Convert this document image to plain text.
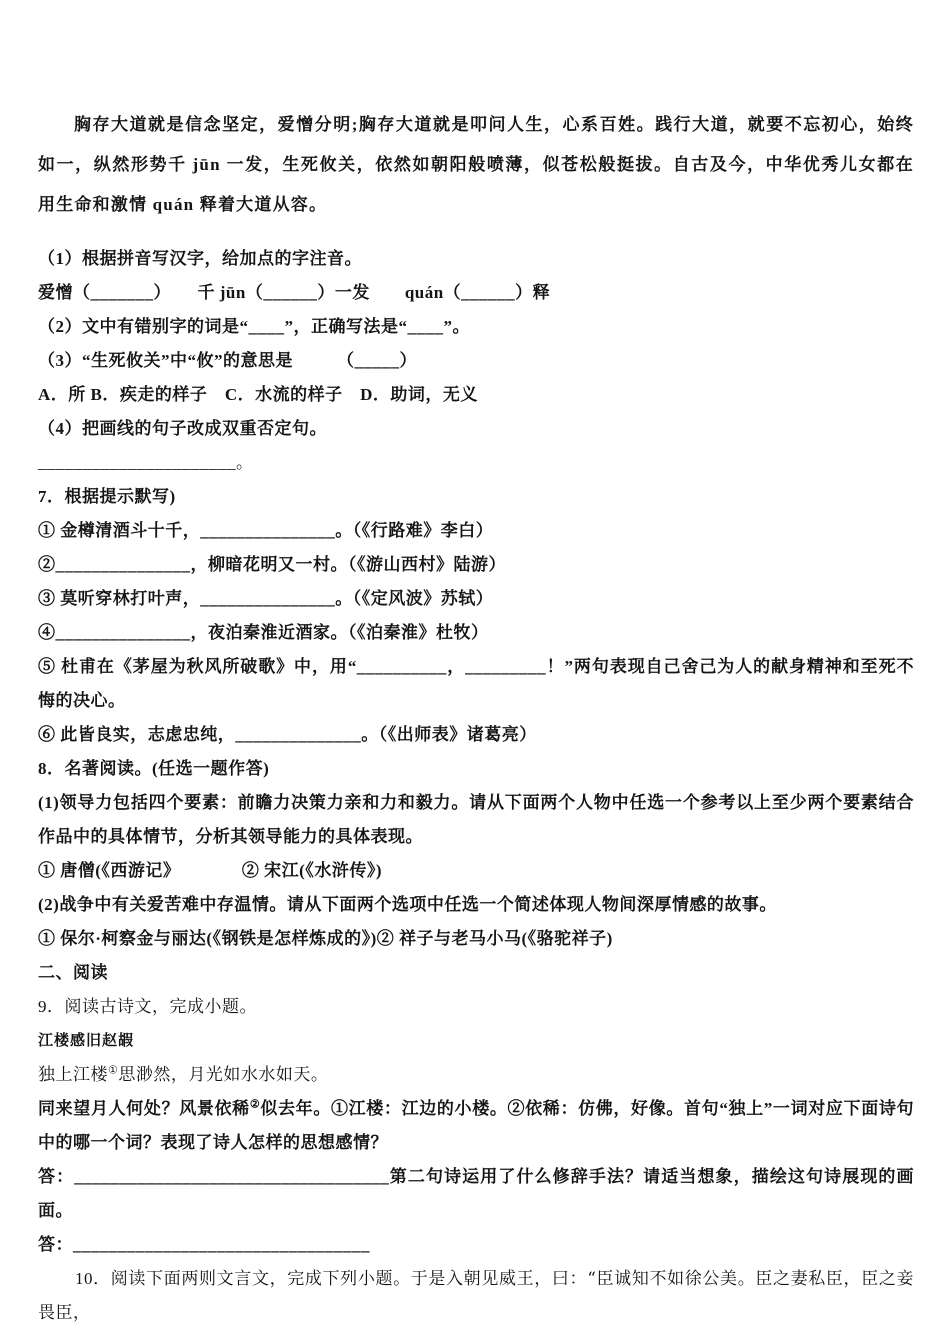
胸存大道就是信念坚定，爱憎分明;胸存大道就是叩问人生，心系百姓。践行大道，就要不忘初心，始终如一，纵然形势千 jūn 一发，生死攸关，依然如朝阳般喷薄，似苍松般挺拔。自古及今，中华优秀儿女都在用生命和激情 quán 释着大道从容。

（1）根据拼音写汉字，给加点的字注音。

爱憎（_______）　　千 jūn（______）一发　　quán（______）释

（2）文中有错别字的词是“____”，正确写法是“____”。

（3）“生死攸关”中“攸”的意思是　　　（_____）

A．所 B．疾走的样子　C．水流的样子　D．助词，无义

（4）把画线的句子改成双重否定句。

______________________。

7．根据提示默写)

① 金樽清酒斗十千，_______________。（《行路难》李白）

②_______________，柳暗花明又一村。（《游山西村》陆游）

③ 莫听穿林打叶声，_______________。（《定风波》苏轼）

④_______________，夜泊秦淮近酒家。（《泊秦淮》杜牧）

⑤ 杜甫在《茅屋为秋风所破歌》中，用“__________，_________！”两句表现自己舍己为人的献身精神和至死不悔的决心。

⑥ 此皆良实，志虑忠纯，______________。（《出师表》诸葛亮）

8．名著阅读。(任选一题作答)

(1)领导力包括四个要素：前瞻力决策力亲和力和毅力。请从下面两个人物中任选一个参考以上至少两个要素结合作品中的具体情节，分析其领导能力的具体表现。

① 唐僧(《西游记》　　　　② 宋江(《水浒传》)

(2)战争中有关爱苦难中存温情。请从下面两个选项中任选一个简述体现人物间深厚情感的故事。

① 保尔·柯察金与丽达(《钢铁是怎样炼成的》)② 祥子与老马小马(《骆驼祥子)

二、阅读

9．阅读古诗文，完成小题。

江楼感旧赵嘏

独上江楼①思渺然，月光如水水如天。

同来望月人何处？风景依稀②似去年。①江楼：江边的小楼。②依稀：仿佛，好像。首句“独上”一词对应下面诗句中的哪一个词？表现了诗人怎样的思想感情？

答：___________________________________第二句诗运用了什么修辞手法？请适当想象，描绘这句诗展现的画面。

答：_________________________________

10．阅读下面两则文言文，完成下列小题。于是入朝见威王，曰：“臣诚知不如徐公美。臣之妻私臣，臣之妾畏臣，
